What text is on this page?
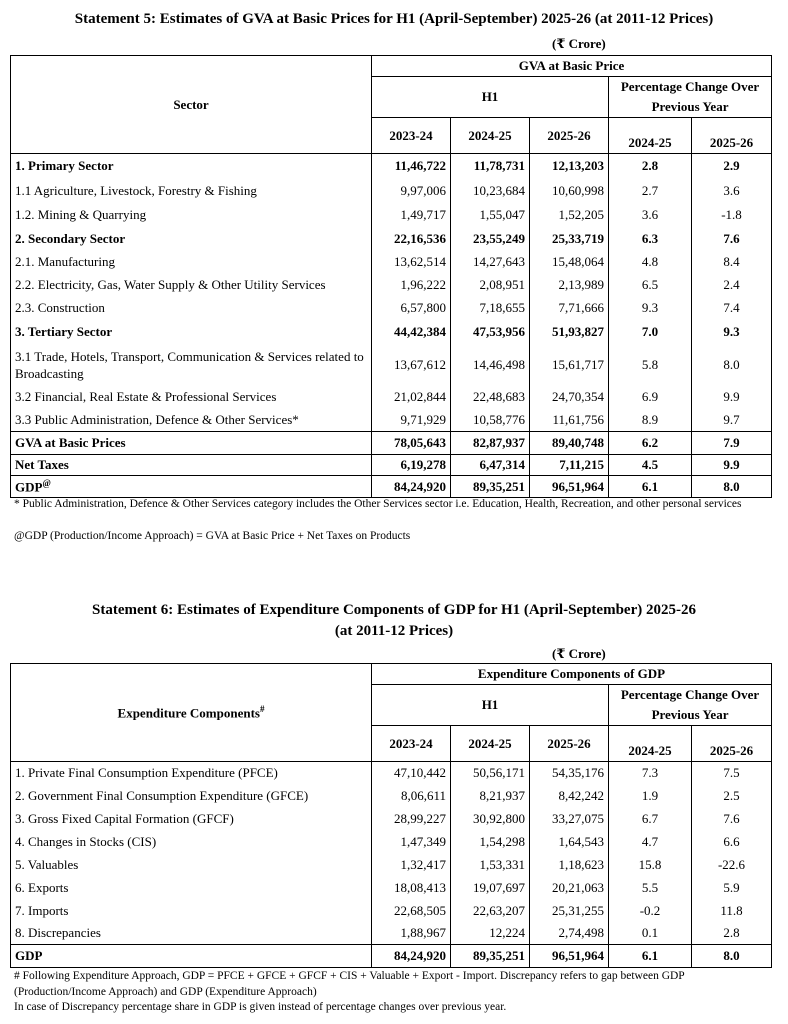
Statement 5: Estimates of GVA at Basic Prices for H1 (April-September) 2025-26 (at 2011-12 Prices)
(₹ Crore)
Sector	GVA at Basic Price				
	H1			Percentage Change Over Previous Year	
	2023-24	2024-25	2025-26	2024-25	2025-26
1. Primary Sector	11,46,722	11,78,731	12,13,203	2.8	2.9
1.1 Agriculture, Livestock, Forestry & Fishing	9,97,006	10,23,684	10,60,998	2.7	3.6
1.2. Mining & Quarrying	1,49,717	1,55,047	1,52,205	3.6	-1.8
2. Secondary Sector	22,16,536	23,55,249	25,33,719	6.3	7.6
2.1. Manufacturing	13,62,514	14,27,643	15,48,064	4.8	8.4
2.2. Electricity, Gas, Water Supply & Other Utility Services	1,96,222	2,08,951	2,13,989	6.5	2.4
2.3. Construction	6,57,800	7,18,655	7,71,666	9.3	7.4
3. Tertiary Sector	44,42,384	47,53,956	51,93,827	7.0	9.3
3.1 Trade, Hotels, Transport, Communication & Services related to Broadcasting	13,67,612	14,46,498	15,61,717	5.8	8.0
3.2 Financial, Real Estate & Professional Services	21,02,844	22,48,683	24,70,354	6.9	9.9
3.3 Public Administration, Defence & Other Services*	9,71,929	10,58,776	11,61,756	8.9	9.7
GVA at Basic Prices	78,05,643	82,87,937	89,40,748	6.2	7.9
Net Taxes	6,19,278	6,47,314	7,11,215	4.5	9.9
GDP@	84,24,920	89,35,251	96,51,964	6.1	8.0
* Public Administration, Defence & Other Services category includes the Other Services sector i.e. Education, Health, Recreation, and other personal services
@GDP (Production/Income Approach) = GVA at Basic Price + Net Taxes on Products
Statement 6: Estimates of Expenditure Components of GDP for H1 (April-September) 2025-26
(at 2011-12 Prices)
(₹ Crore)
Expenditure Components#	Expenditure Components of GDP				
	H1			Percentage Change Over Previous Year	
	2023-24	2024-25	2025-26	2024-25	2025-26
1. Private Final Consumption Expenditure (PFCE)	47,10,442	50,56,171	54,35,176	7.3	7.5
2. Government Final Consumption Expenditure (GFCE)	8,06,611	8,21,937	8,42,242	1.9	2.5
3. Gross Fixed Capital Formation (GFCF)	28,99,227	30,92,800	33,27,075	6.7	7.6
4. Changes in Stocks (CIS)	1,47,349	1,54,298	1,64,543	4.7	6.6
5. Valuables	1,32,417	1,53,331	1,18,623	15.8	-22.6
6. Exports	18,08,413	19,07,697	20,21,063	5.5	5.9
7. Imports	22,68,505	22,63,207	25,31,255	-0.2	11.8
8. Discrepancies	1,88,967	12,224	2,74,498	0.1	2.8
GDP	84,24,920	89,35,251	96,51,964	6.1	8.0
# Following Expenditure Approach, GDP = PFCE + GFCE + GFCF + CIS + Valuable + Export - Import. Discrepancy refers to gap between GDP (Production/Income Approach) and GDP (Expenditure Approach)
In case of Discrepancy percentage share in GDP is given instead of percentage changes over previous year.
